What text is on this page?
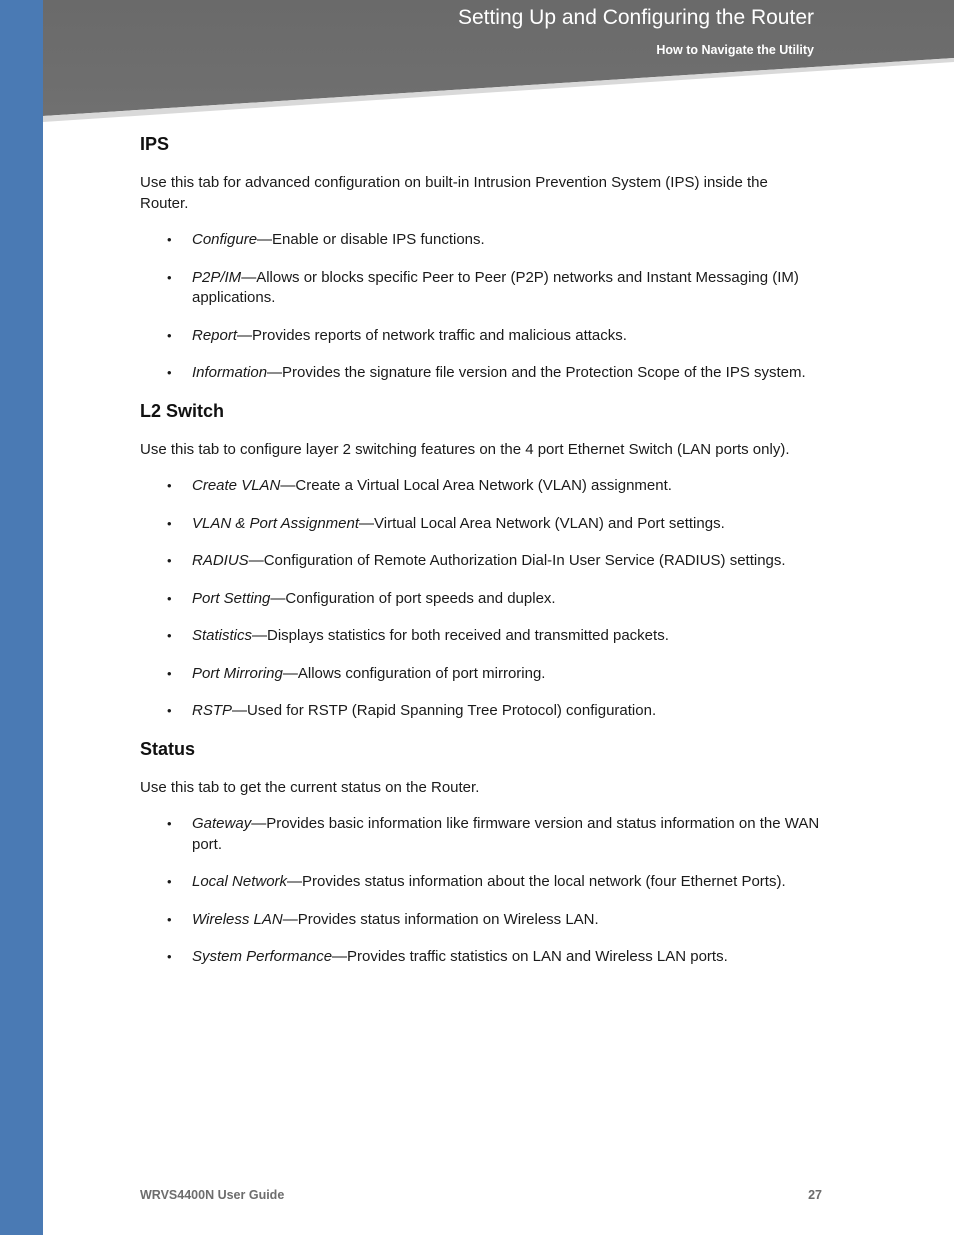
Setting Up and Configuring the Router
How to Navigate the Utility
IPS

Use this tab for advanced configuration on built-in Intrusion Prevention System (IPS) inside the Router.

• Configure—Enable or disable IPS functions.
• P2P/IM—Allows or blocks specific Peer to Peer (P2P) networks and Instant Messaging (IM) applications.
• Report—Provides reports of network traffic and malicious attacks.
• Information—Provides the signature file version and the Protection Scope of the IPS system.
L2 Switch

Use this tab to configure layer 2 switching features on the 4 port Ethernet Switch (LAN ports only).

• Create VLAN—Create a Virtual Local Area Network (VLAN) assignment.
• VLAN & Port Assignment—Virtual Local Area Network (VLAN) and Port settings.
• RADIUS—Configuration of Remote Authorization Dial-In User Service (RADIUS) settings.
• Port Setting—Configuration of port speeds and duplex.
• Statistics—Displays statistics for both received and transmitted packets.
• Port Mirroring—Allows configuration of port mirroring.
• RSTP—Used for RSTP (Rapid Spanning Tree Protocol) configuration.
Status

Use this tab to get the current status on the Router.

• Gateway—Provides basic information like firmware version and status information on the WAN port.
• Local Network—Provides status information about the local network (four Ethernet Ports).
• Wireless LAN—Provides status information on Wireless LAN.
• System Performance—Provides traffic statistics on LAN and Wireless LAN ports.
WRVS4400N User Guide	27
